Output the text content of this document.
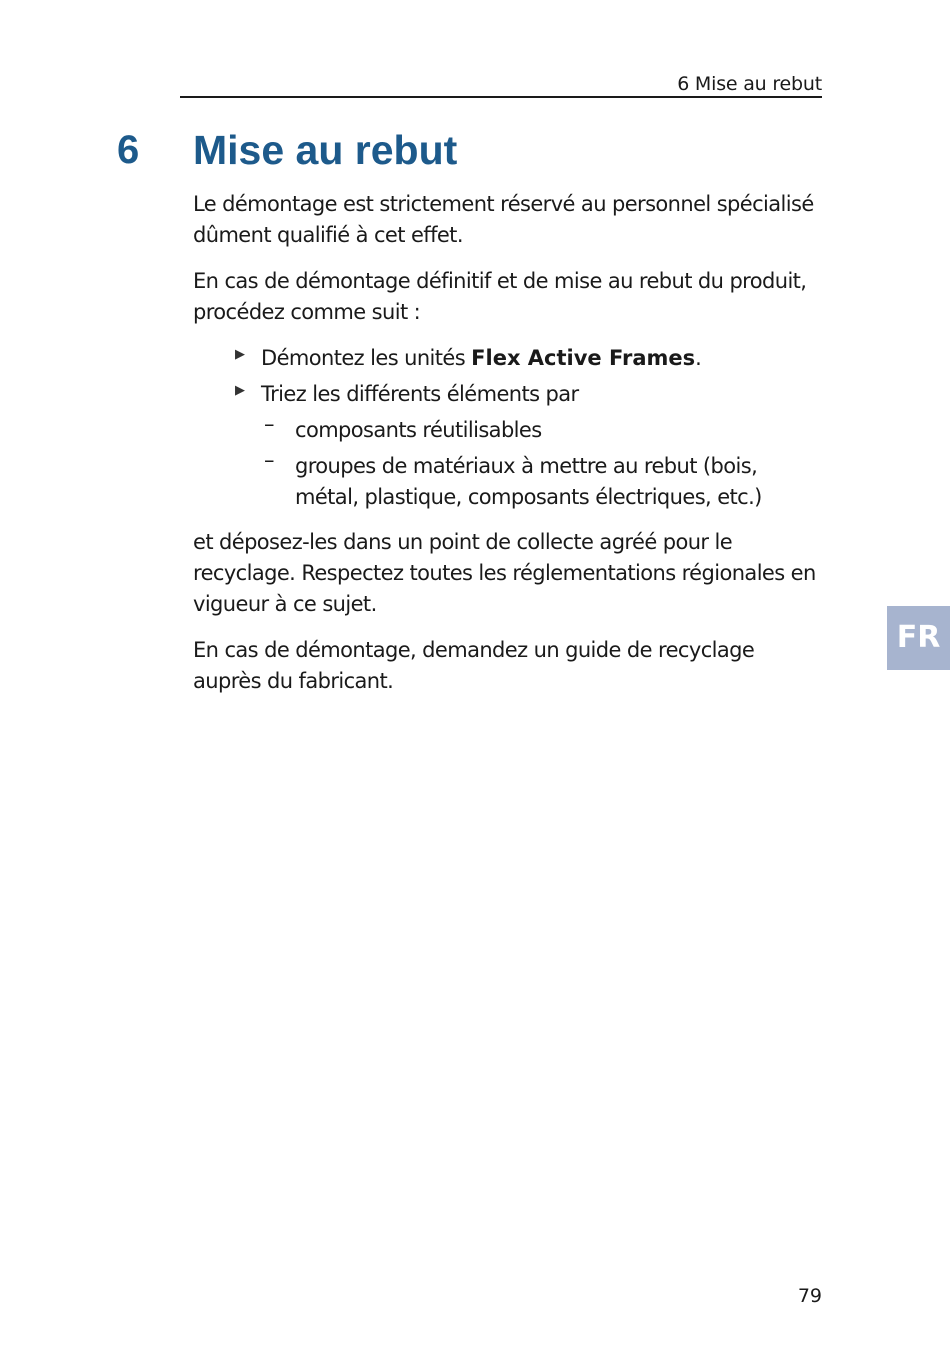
6 Mise au rebut
6 Mise au rebut

Le démontage est strictement réservé au personnel spécialisé dûment qualifié à cet effet.

En cas de démontage définitif et de mise au rebut du produit, procédez comme suit :

▶ Démontez les unités Flex Active Frames.
▶ Triez les différents éléments par
– composants réutilisables
– groupes de matériaux à mettre au rebut (bois, métal, plastique, composants électriques, etc.)

et déposez-les dans un point de collecte agréé pour le recyclage. Respectez toutes les réglementations régionales en vigueur à ce sujet.

En cas de démontage, demandez un guide de recyclage auprès du fabricant.

FR
79
